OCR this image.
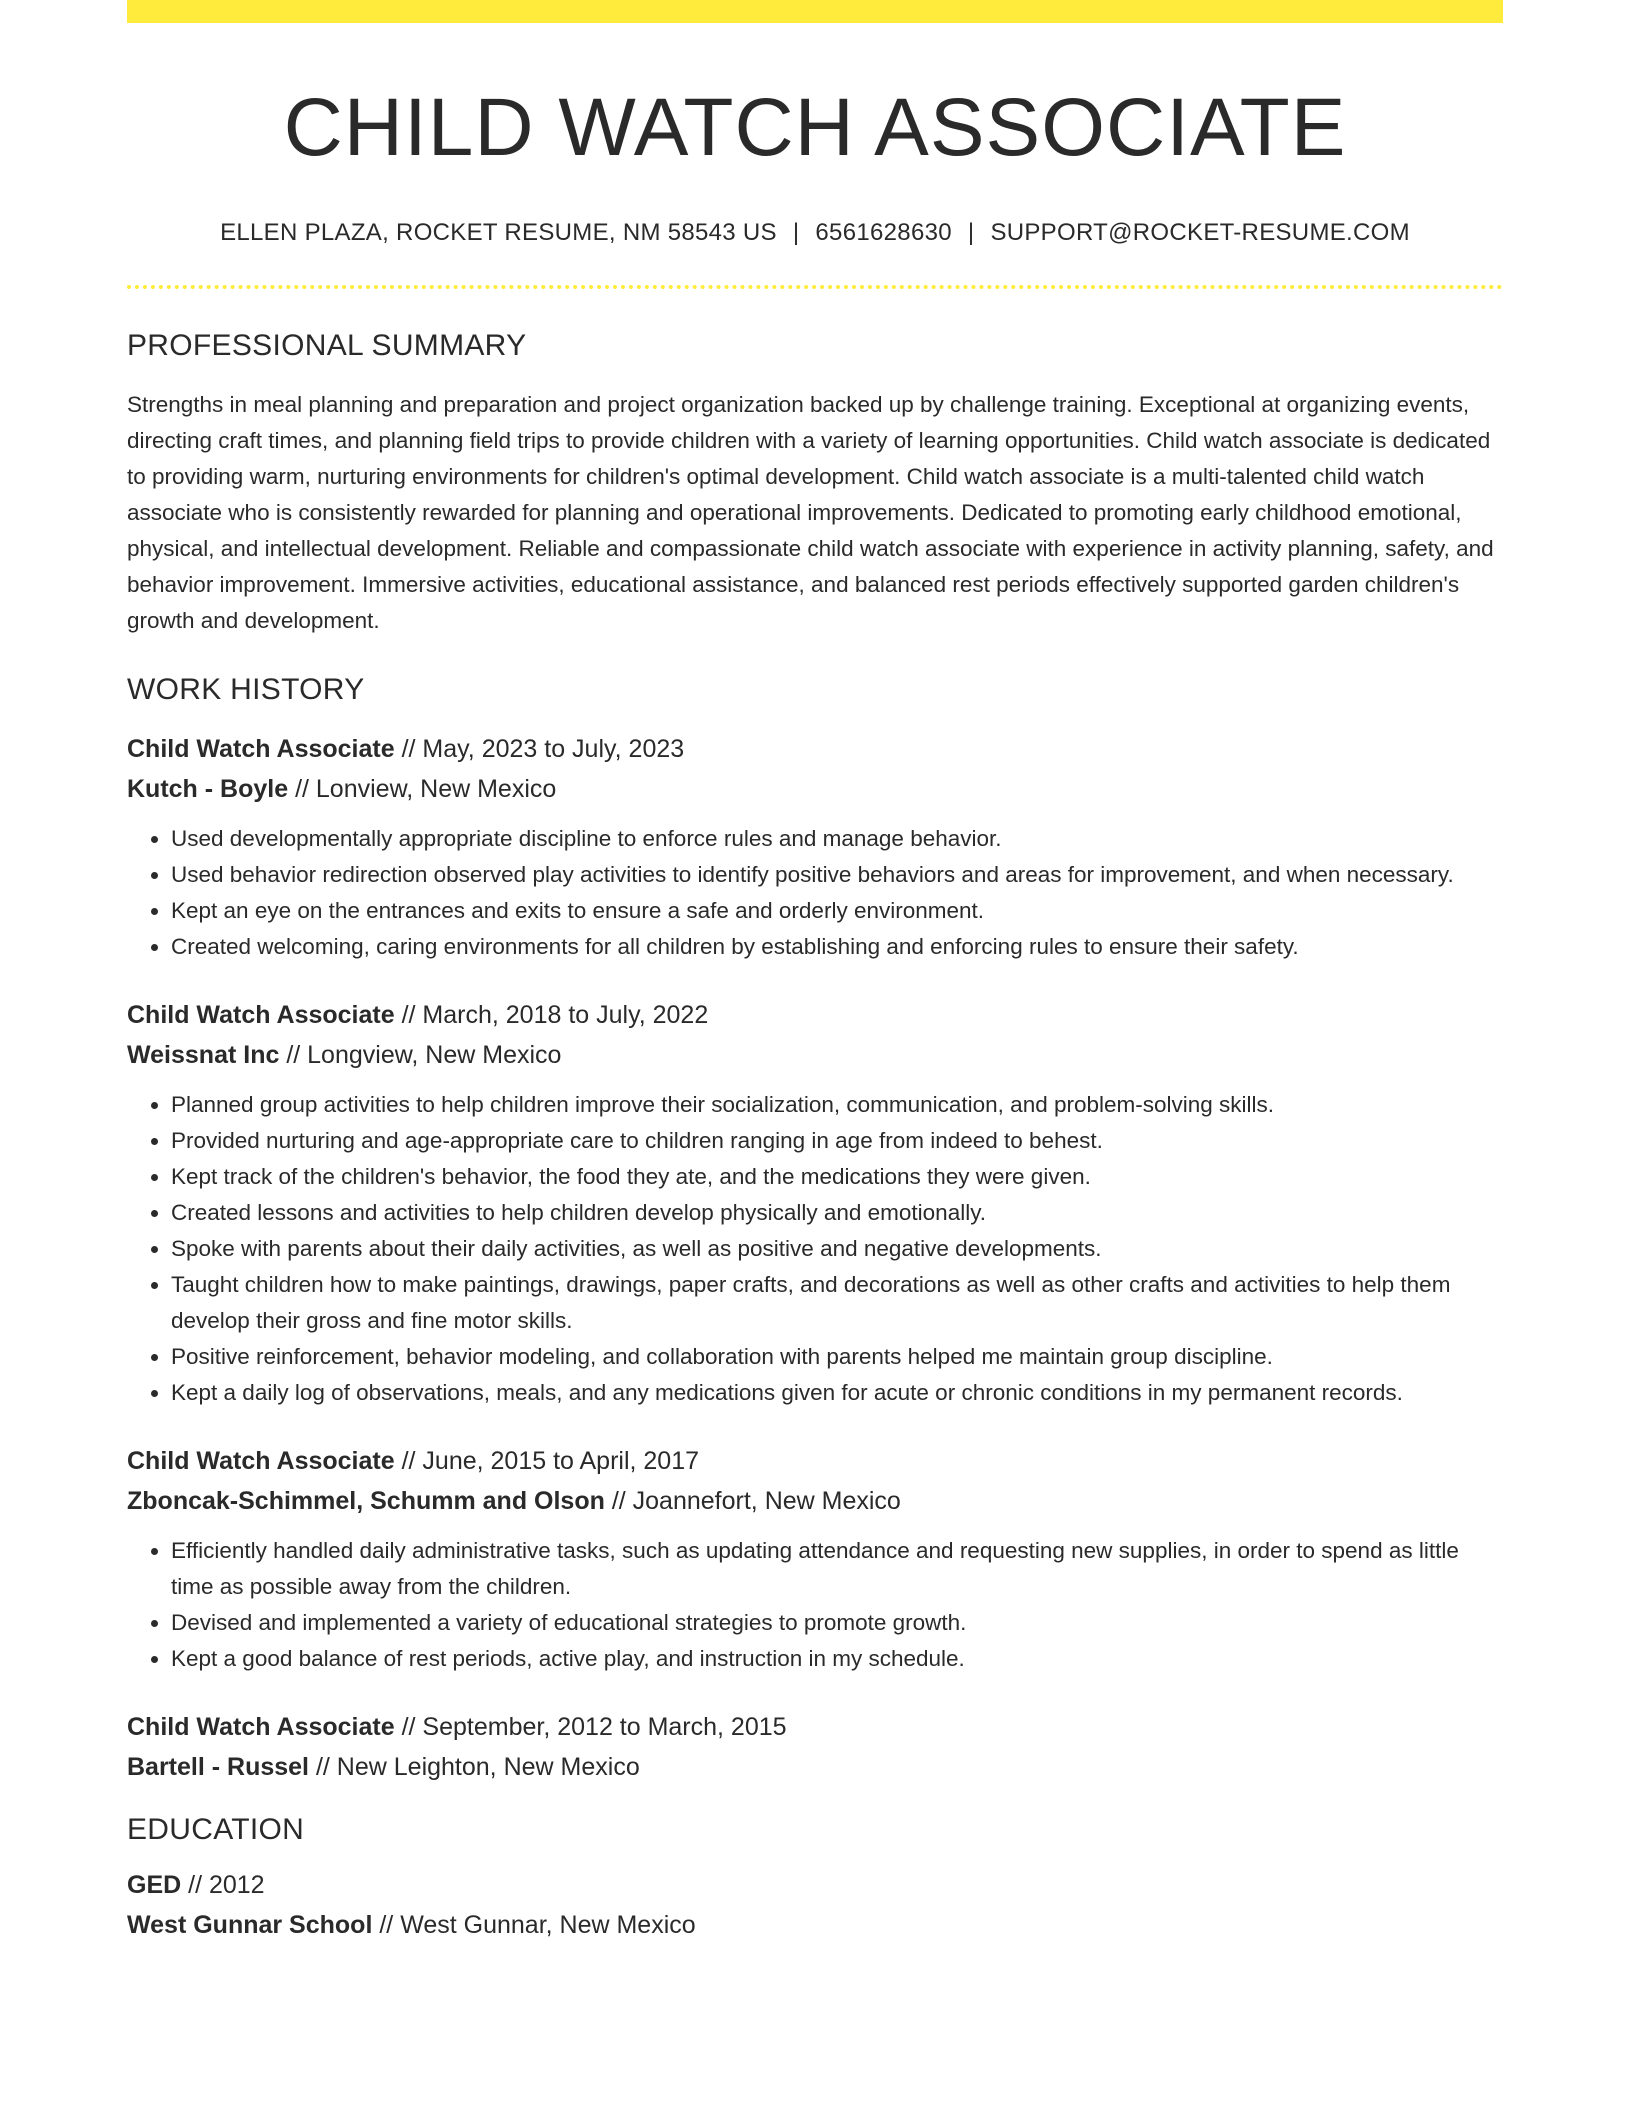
CHILD WATCH ASSOCIATE
ELLEN PLAZA, ROCKET RESUME, NM 58543 US | 6561628630 | SUPPORT@ROCKET-RESUME.COM
PROFESSIONAL SUMMARY

Strengths in meal planning and preparation and project organization backed up by challenge training. Exceptional at organizing events, directing craft times, and planning field trips to provide children with a variety of learning opportunities. Child watch associate is dedicated to providing warm, nurturing environments for children's optimal development. Child watch associate is a multi-talented child watch associate who is consistently rewarded for planning and operational improvements. Dedicated to promoting early childhood emotional, physical, and intellectual development. Reliable and compassionate child watch associate with experience in activity planning, safety, and behavior improvement. Immersive activities, educational assistance, and balanced rest periods effectively supported garden children's growth and development.

WORK HISTORY
Child Watch Associate // May, 2023 to July, 2023
Kutch - Boyle // Lonview, New Mexico
• Used developmentally appropriate discipline to enforce rules and manage behavior.
• Used behavior redirection observed play activities to identify positive behaviors and areas for improvement, and when necessary.
• Kept an eye on the entrances and exits to ensure a safe and orderly environment.
• Created welcoming, caring environments for all children by establishing and enforcing rules to ensure their safety.
Child Watch Associate // March, 2018 to July, 2022
Weissnat Inc // Longview, New Mexico
• Planned group activities to help children improve their socialization, communication, and problem-solving skills.
• Provided nurturing and age-appropriate care to children ranging in age from indeed to behest.
• Kept track of the children's behavior, the food they ate, and the medications they were given.
• Created lessons and activities to help children develop physically and emotionally.
• Spoke with parents about their daily activities, as well as positive and negative developments.
• Taught children how to make paintings, drawings, paper crafts, and decorations as well as other crafts and activities to help them develop their gross and fine motor skills.
• Positive reinforcement, behavior modeling, and collaboration with parents helped me maintain group discipline.
• Kept a daily log of observations, meals, and any medications given for acute or chronic conditions in my permanent records.
Child Watch Associate // June, 2015 to April, 2017
Zboncak-Schimmel, Schumm and Olson // Joannefort, New Mexico
• Efficiently handled daily administrative tasks, such as updating attendance and requesting new supplies, in order to spend as little time as possible away from the children.
• Devised and implemented a variety of educational strategies to promote growth.
• Kept a good balance of rest periods, active play, and instruction in my schedule.
Child Watch Associate // September, 2012 to March, 2015
Bartell - Russel // New Leighton, New Mexico
EDUCATION
GED // 2012
West Gunnar School // West Gunnar, New Mexico
